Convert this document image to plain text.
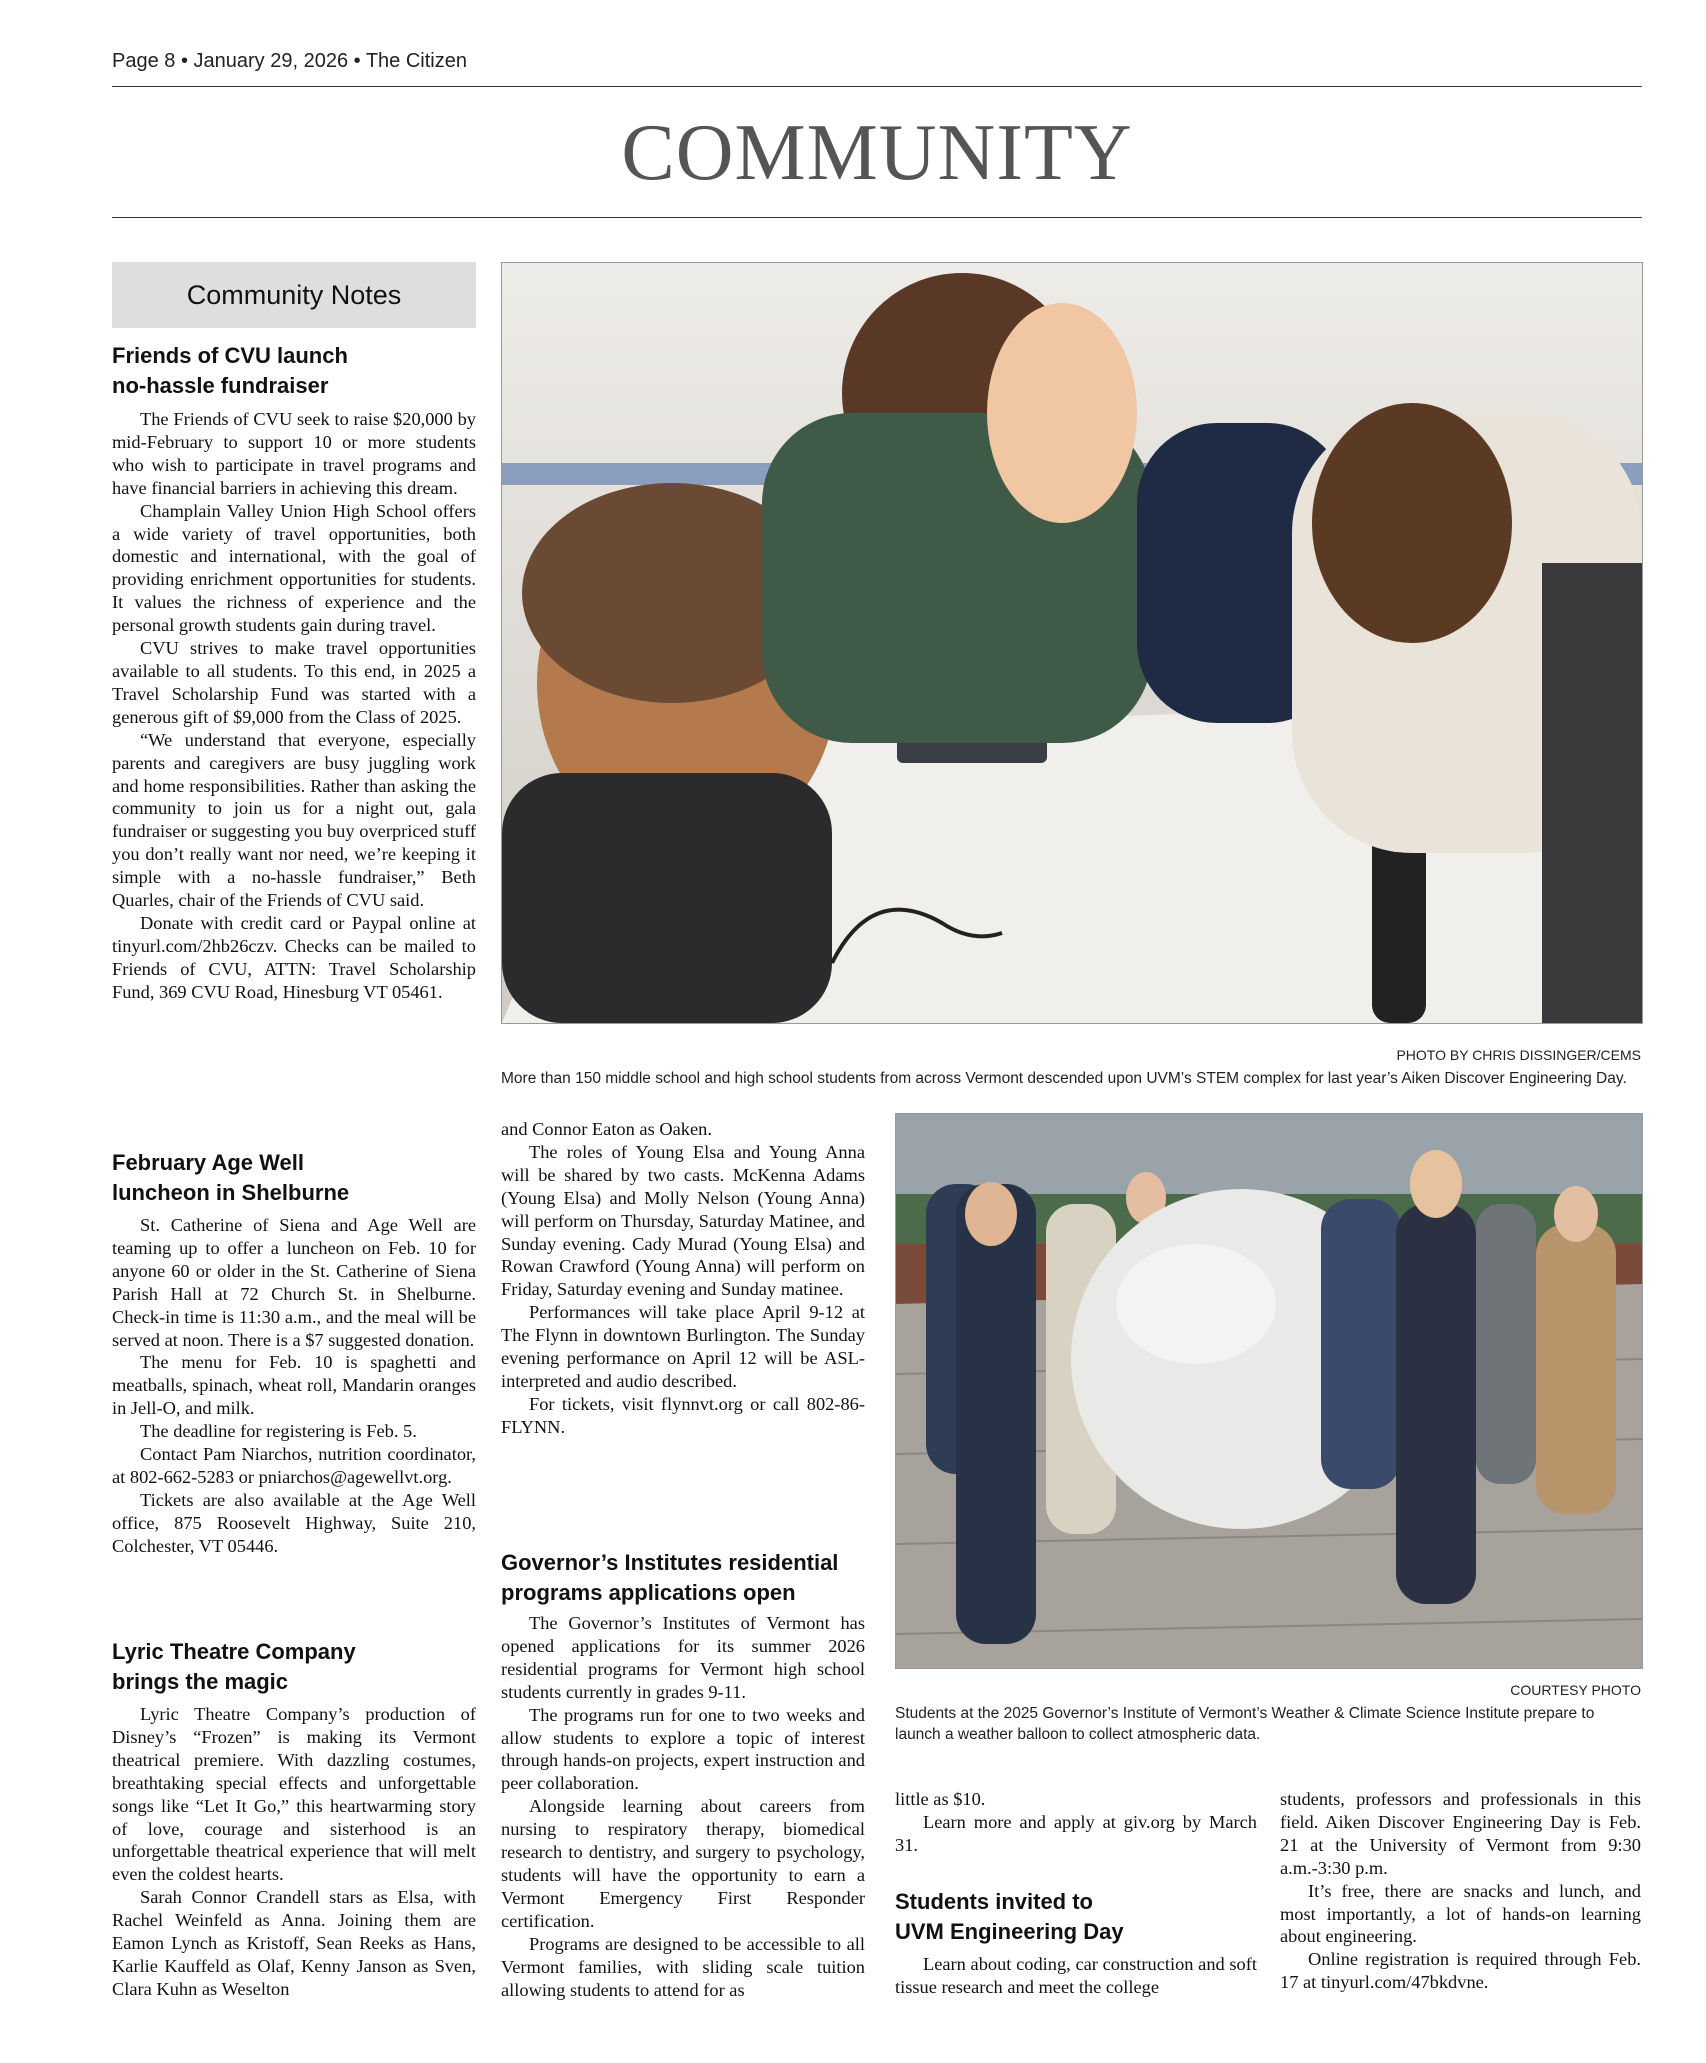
Page 8 • January 29, 2026 • The Citizen
COMMUNITY
Community Notes
Friends of CVU launch
no-hassle fundraiser

The Friends of CVU seek to raise $20,000 by mid-February to support 10 or more students who wish to participate in travel programs and have financial barriers in achieving this dream.

Champlain Valley Union High School offers a wide variety of travel opportunities, both domestic and international, with the goal of providing enrichment opportunities for students. It values the richness of experience and the personal growth students gain during travel.

CVU strives to make travel opportunities available to all students. To this end, in 2025 a Travel Scholarship Fund was started with a generous gift of $9,000 from the Class of 2025.

“We understand that everyone, especially parents and caregivers are busy juggling work and home responsibilities. Rather than asking the community to join us for a night out, gala fundraiser or suggesting you buy overpriced stuff you don’t really want nor need, we’re keeping it simple with a no-hassle fundraiser,” Beth Quarles, chair of the Friends of CVU said.

Donate with credit card or Paypal online at tinyurl.com/2hb26czv. Checks can be mailed to Friends of CVU, ATTN: Travel Scholarship Fund, 369 CVU Road, Hinesburg VT 05461.

February Age Well
luncheon in Shelburne

St. Catherine of Siena and Age Well are teaming up to offer a luncheon on Feb. 10 for anyone 60 or older in the St. Catherine of Siena Parish Hall at 72 Church St. in Shelburne. Check-in time is 11:30 a.m., and the meal will be served at noon. There is a $7 suggested donation.

The menu for Feb. 10 is spaghetti and meatballs, spinach, wheat roll, Mandarin oranges in Jell-O, and milk.

The deadline for registering is Feb. 5.

Contact Pam Niarchos, nutrition coordinator, at 802-662-5283 or pniarchos@agewellvt.org.

Tickets are also available at the Age Well office, 875 Roosevelt Highway, Suite 210, Colchester, VT 05446.

Lyric Theatre Company
brings the magic

Lyric Theatre Company’s production of Disney’s “Frozen” is making its Vermont theatrical premiere. With dazzling costumes, breathtaking special effects and unforgettable songs like “Let It Go,” this heartwarming story of love, courage and sisterhood is an unforgettable theatrical experience that will melt even the coldest hearts.

Sarah Connor Crandell stars as Elsa, with Rachel Weinfeld as Anna. Joining them are Eamon Lynch as Kristoff, Sean Reeks as Hans, Karlie Kauffeld as Olaf, Kenny Janson as Sven, Clara Kuhn as Weselton

PHOTO BY CHRIS DISSINGER/CEMS
More than 150 middle school and high school students from across Vermont descended upon UVM’s STEM complex for last year’s Aiken Discover Engineering Day.

and Connor Eaton as Oaken.

The roles of Young Elsa and Young Anna will be shared by two casts. McKenna Adams (Young Elsa) and Molly Nelson (Young Anna) will perform on Thursday, Saturday Matinee, and Sunday evening. Cady Murad (Young Elsa) and Rowan Crawford (Young Anna) will perform on Friday, Saturday evening and Sunday matinee.

Performances will take place April 9-12 at The Flynn in downtown Burlington. The Sunday evening performance on April 12 will be ASL-interpreted and audio described.

For tickets, visit flynnvt.org or call 802-86-FLYNN.

Governor’s Institutes residential
programs applications open

The Governor’s Institutes of Vermont has opened applications for its summer 2026 residential programs for Vermont high school students currently in grades 9-11.

The programs run for one to two weeks and allow students to explore a topic of interest through hands-on projects, expert instruction and peer collaboration.

Alongside learning about careers from nursing to respiratory therapy, biomedical research to dentistry, and surgery to psychology, students will have the opportunity to earn a Vermont Emergency First Responder certification.

Programs are designed to be accessible to all Vermont families, with sliding scale tuition allowing students to attend for as

COURTESY PHOTO
Students at the 2025 Governor’s Institute of Vermont’s Weather & Climate Science Institute prepare to launch a weather balloon to collect atmospheric data.

little as $10.

Learn more and apply at giv.org by March 31.

Students invited to
UVM Engineering Day

Learn about coding, car construction and soft tissue research and meet the college

students, professors and professionals in this field. Aiken Discover Engineering Day is Feb. 21 at the University of Vermont from 9:30 a.m.-3:30 p.m.

It’s free, there are snacks and lunch, and most importantly, a lot of hands-on learning about engineering.

Online registration is required through Feb. 17 at tinyurl.com/47bkdvne.
